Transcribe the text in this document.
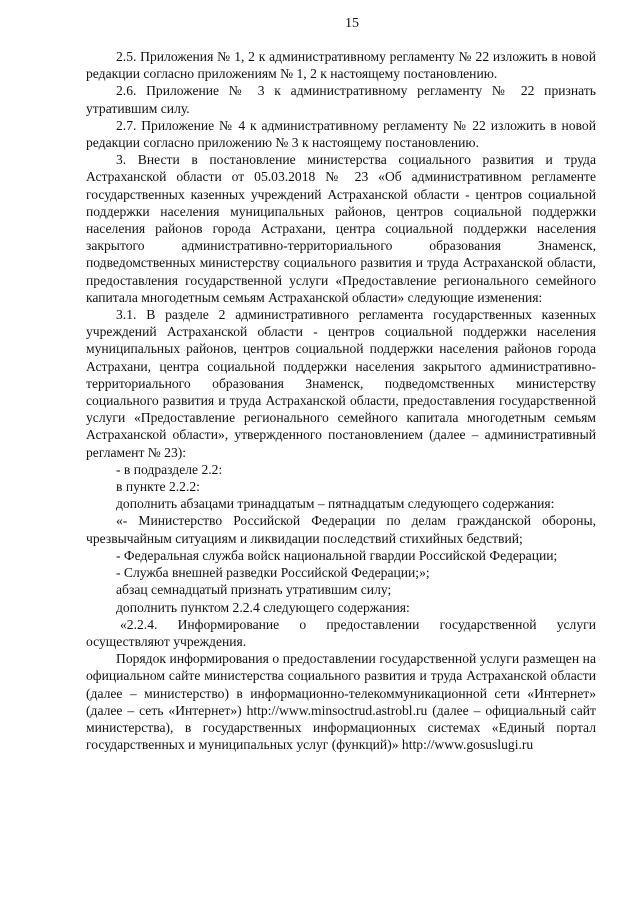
15

2.5. Приложения № 1, 2 к административному регламенту № 22 изложить в новой редакции согласно приложениям № 1, 2 к настоящему постановлению.

2.6. Приложение № 3 к административному регламенту № 22 признать утратившим силу.

2.7. Приложение № 4 к административному регламенту № 22 изложить в новой редакции согласно приложению № 3 к настоящему постановлению.

3. Внести в постановление министерства социального развития и труда Астраханской области от 05.03.2018 № 23 «Об административном регламенте государственных казенных учреждений Астраханской области - центров социальной поддержки населения муниципальных районов, центров социальной поддержки населения районов города Астрахани, центра социальной поддержки населения закрытого административно-территориального образования Знаменск, подведомственных министерству социального развития и труда Астраханской области, предоставления государственной услуги «Предоставление регионального семейного капитала многодетным семьям Астраханской области» следующие изменения:

3.1. В разделе 2 административного регламента государственных казенных учреждений Астраханской области - центров социальной поддержки населения муниципальных районов, центров социальной поддержки населения районов города Астрахани, центра социальной поддержки населения закрытого административно-территориального образования Знаменск, подведомственных министерству социального развития и труда Астраханской области, предоставления государственной услуги «Предоставление регионального семейного капитала многодетным семьям Астраханской области», утвержденного постановлением (далее – административный регламент № 23):

- в подразделе 2.2:

в пункте 2.2.2:

дополнить абзацами тринадцатым – пятнадцатым следующего содержания:

«- Министерство Российской Федерации по делам гражданской обороны, чрезвычайным ситуациям и ликвидации последствий стихийных бедствий;

- Федеральная служба войск национальной гвардии Российской Федерации;

- Служба внешней разведки Российской Федерации;»;

абзац семнадцатый признать утратившим силу;

дополнить пунктом 2.2.4 следующего содержания:

«2.2.4. Информирование о предоставлении государственной услуги осуществляют учреждения.

Порядок информирования о предоставлении государственной услуги размещен на официальном сайте министерства социального развития и труда Астраханской области (далее – министерство) в информационно-телекоммуникационной сети «Интернет» (далее – сеть «Интернет») http://www.minsoctrud.astrobl.ru (далее – официальный сайт министерства), в государственных информационных системах «Единый портал государственных и муниципальных услуг (функций)» http://www.gosuslugi.ru
